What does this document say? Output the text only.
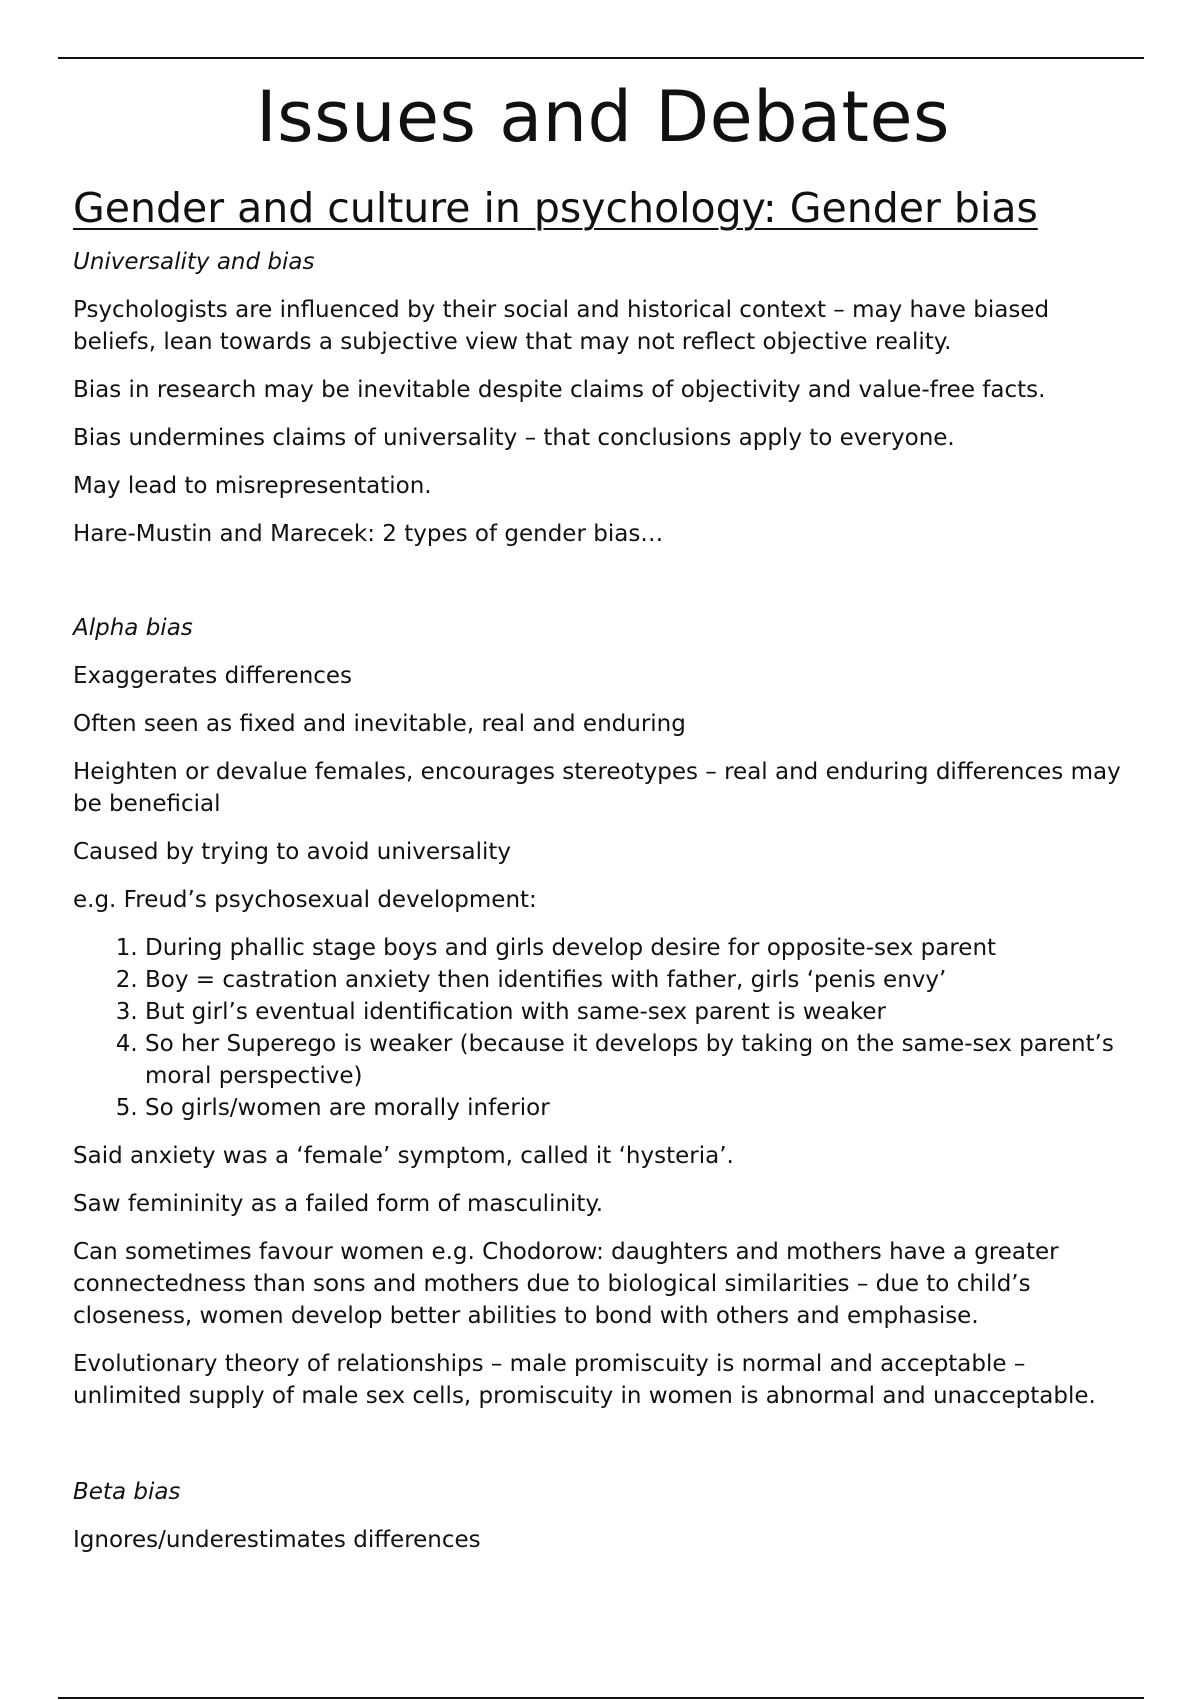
Issues and Debates
Gender and culture in psychology: Gender bias
Universality and bias

Psychologists are influenced by their social and historical context – may have biased beliefs, lean towards a subjective view that may not reflect objective reality.

Bias in research may be inevitable despite claims of objectivity and value-free facts.

Bias undermines claims of universality – that conclusions apply to everyone.

May lead to misrepresentation.

Hare-Mustin and Marecek: 2 types of gender bias…

Alpha bias

Exaggerates differences

Often seen as fixed and inevitable, real and enduring

Heighten or devalue females, encourages stereotypes – real and enduring differences may be beneficial

Caused by trying to avoid universality

e.g. Freud’s psychosexual development:

1. During phallic stage boys and girls develop desire for opposite-sex parent
2. Boy = castration anxiety then identifies with father, girls ‘penis envy’
3. But girl’s eventual identification with same-sex parent is weaker
4. So her Superego is weaker (because it develops by taking on the same-sex parent’s moral perspective)
5. So girls/women are morally inferior

Said anxiety was a ‘female’ symptom, called it ‘hysteria’.

Saw femininity as a failed form of masculinity.

Can sometimes favour women e.g. Chodorow: daughters and mothers have a greater connectedness than sons and mothers due to biological similarities – due to child’s closeness, women develop better abilities to bond with others and emphasise.

Evolutionary theory of relationships – male promiscuity is normal and acceptable – unlimited supply of male sex cells, promiscuity in women is abnormal and unacceptable.

Beta bias

Ignores/underestimates differences
